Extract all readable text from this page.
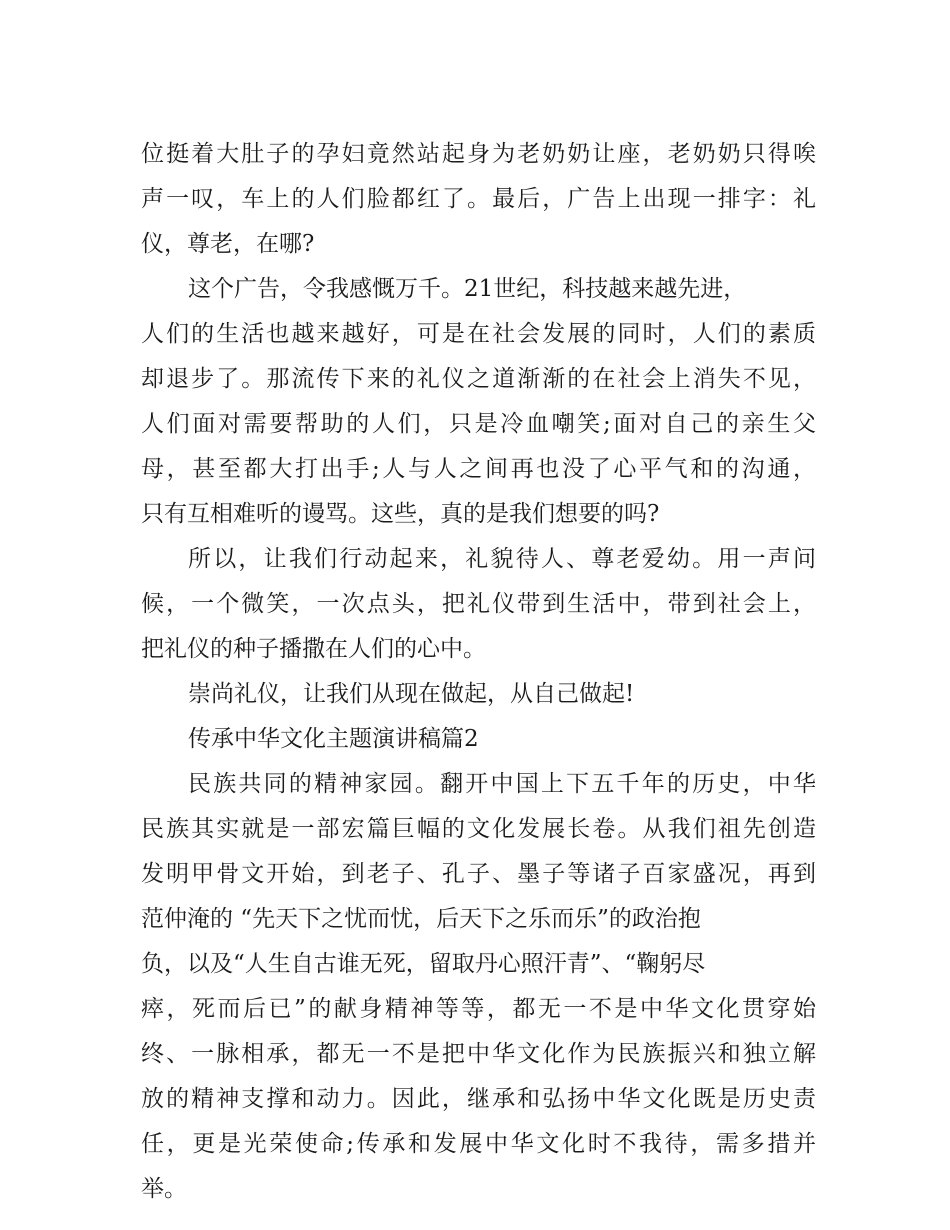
位挺着大肚子的孕妇竟然站起身为老奶奶让座，老奶奶只得唉
声一叹，车上的人们脸都红了。最后，广告上出现一排字：礼
仪，尊老，在哪?
这个广告，令我感慨万千。21世纪，科技越来越先进，
人们的生活也越来越好，可是在社会发展的同时，人们的素质
却退步了。那流传下来的礼仪之道渐渐的在社会上消失不见，
人们面对需要帮助的人们，只是冷血嘲笑;面对自己的亲生父
母，甚至都大打出手;人与人之间再也没了心平气和的沟通，
只有互相难听的谩骂。这些，真的是我们想要的吗?
所以，让我们行动起来，礼貌待人、尊老爱幼。用一声问
候，一个微笑，一次点头，把礼仪带到生活中，带到社会上，
把礼仪的种子播撒在人们的心中。
崇尚礼仪，让我们从现在做起，从自己做起!
传承中华文化主题演讲稿篇2
民族共同的精神家园。翻开中国上下五千年的历史，中华
民族其实就是一部宏篇巨幅的文化发展长卷。从我们祖先创造
发明甲骨文开始，到老子、孔子、墨子等诸子百家盛况，再到
范仲淹的 “先天下之忧而忧，后天下之乐而乐”的政治抱
负，以及“人生自古谁无死，留取丹心照汗青”、“鞠躬尽
瘁，死而后已”的献身精神等等，都无一不是中华文化贯穿始
终、一脉相承，都无一不是把中华文化作为民族振兴和独立解
放的精神支撑和动力。因此，继承和弘扬中华文化既是历史责
任，更是光荣使命;传承和发展中华文化时不我待，需多措并
举。
